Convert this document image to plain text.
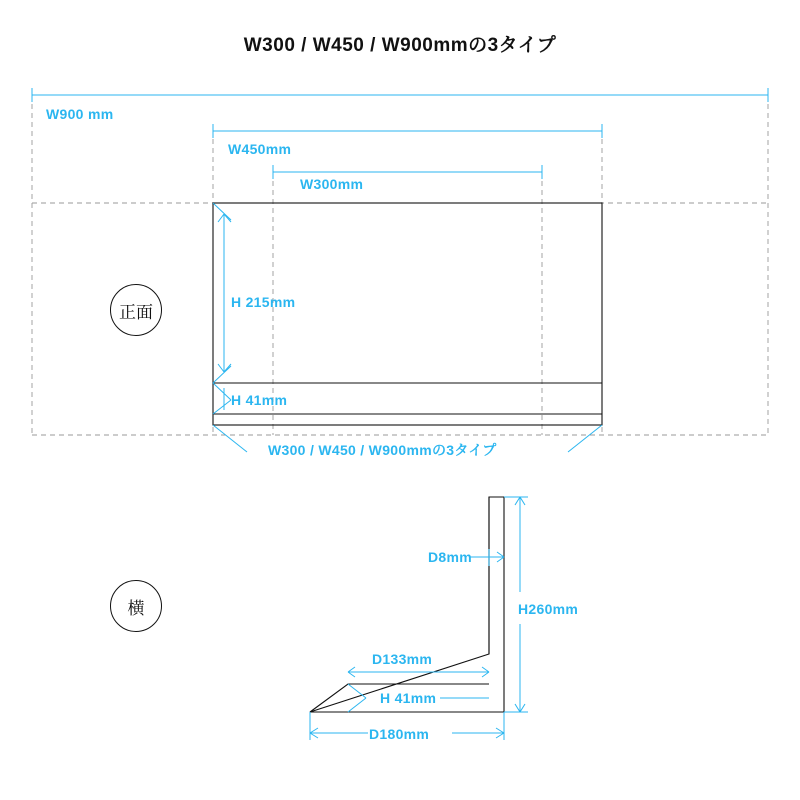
W300 / W450 / W900mmの3タイプ
正面
横
W900 mm
W450mm
W300mm
H 215mm
H 41mm
W300 / W450 / W900mmの3タイプ
D8mm
H260mm
D133mm
H 41mm
D180mm
